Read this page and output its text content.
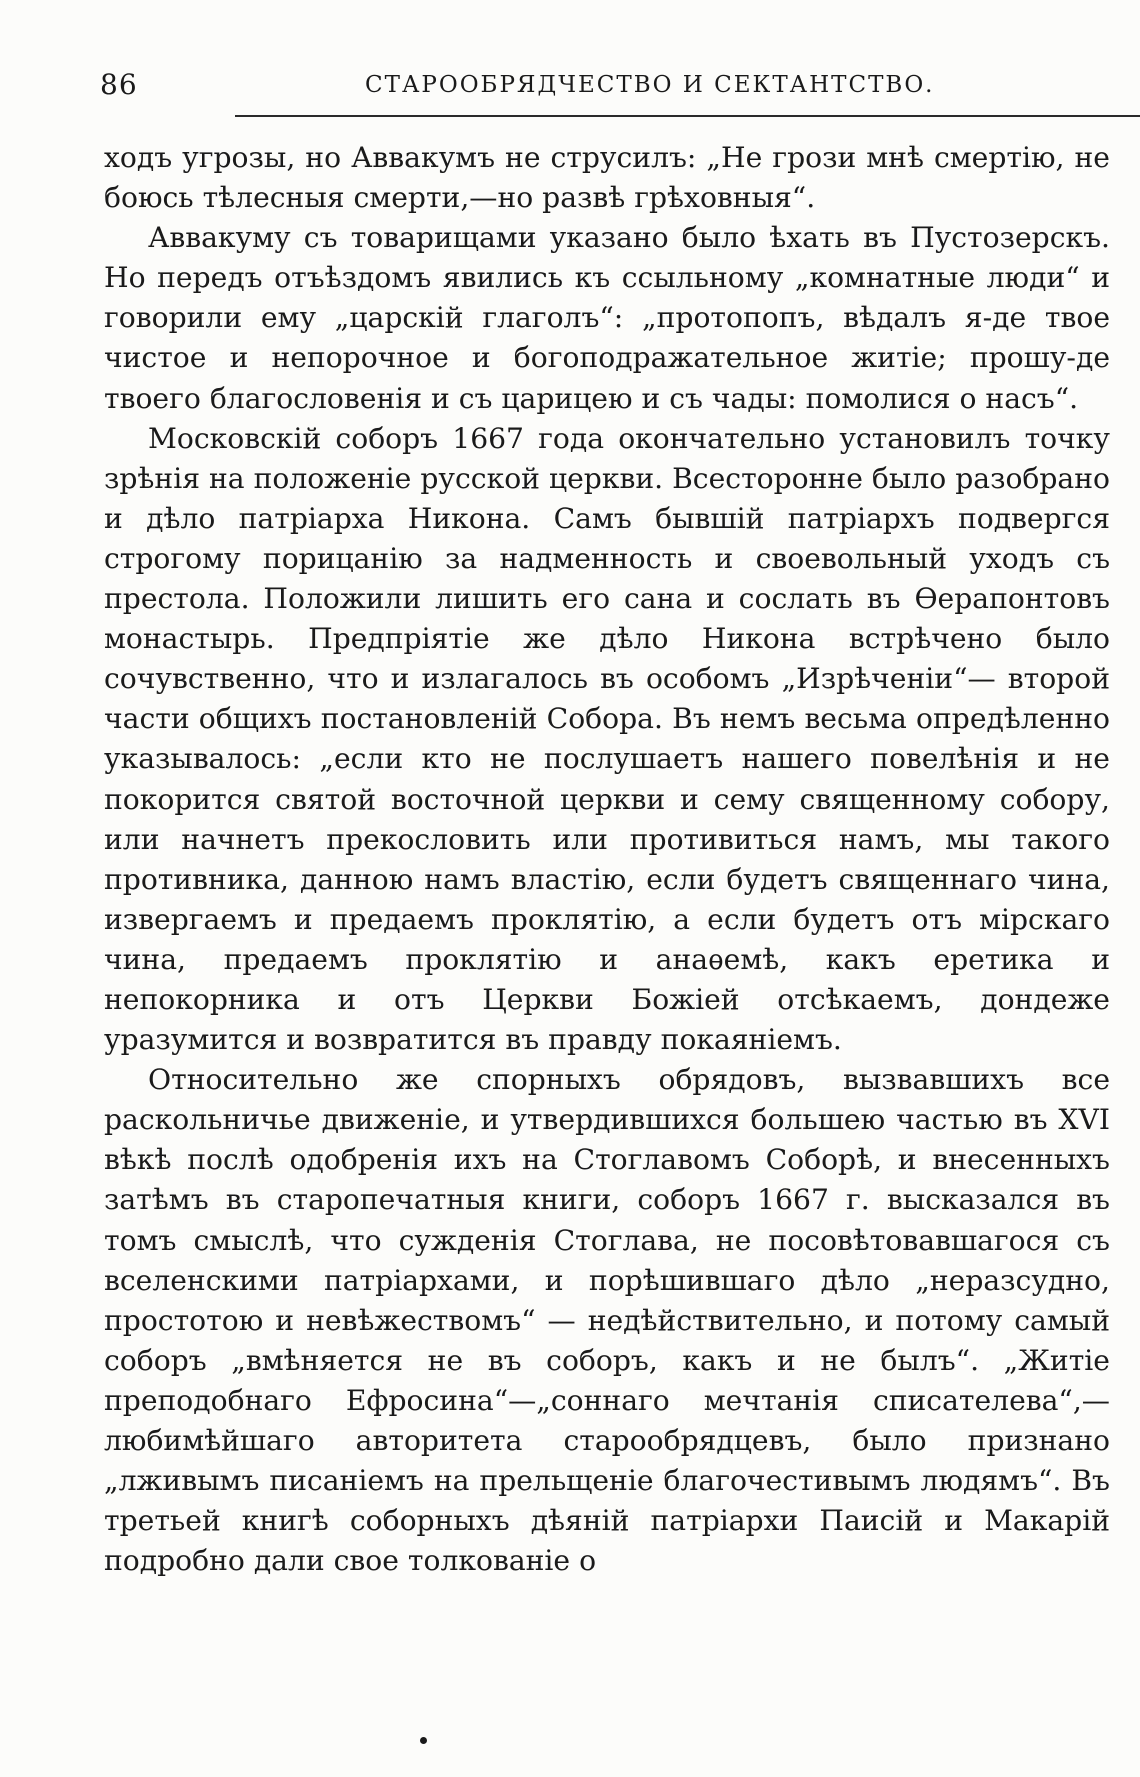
86	СТАРООБРЯДЧЕСТВО И СЕКТАНТСТВО.

ходъ угрозы, но Аввакумъ не струсилъ: „Не грози мнѣ смертію, не боюсь тѣлесныя смерти,—но развѣ грѣховныя“.

Аввакуму съ товарищами указано было ѣхать въ Пустозерскъ. Но передъ отъѣздомъ явились къ ссыльному „комнатные люди“ и говорили ему „царскій глаголъ“: „протопопъ, вѣдалъ я-де твое чистое и непорочное и богоподражательное житіе; прошу-де твоего благословенія и съ царицею и съ чады: помолися о насъ“.

Московскій соборъ 1667 года окончательно установилъ точку зрѣнія на положеніе русской церкви. Всесторонне было разобрано и дѣло патріарха Никона. Самъ бывшій патріархъ подвергся строгому порицанію за надменность и своевольный уходъ съ престола. Положили лишить его сана и сослать въ Ѳерапонтовъ монастырь. Предпріятіе же дѣло Никона встрѣчено было сочувственно, что и излагалось въ особомъ „Изрѣченіи“— второй части общихъ постановленій Собора. Въ немъ весьма опредѣленно указывалось: „если кто не послушаетъ нашего повелѣнія и не покорится святой восточной церкви и сему священному собору, или начнетъ прекословить или противиться намъ, мы такого противника, данною намъ властію, если будетъ священнаго чина, извергаемъ и предаемъ проклятію, а если будетъ отъ мірскаго чина, предаемъ проклятію и анаѳемѣ, какъ еретика и непокорника и отъ Церкви Божіей отсѣкаемъ, дондеже уразумится и возвратится въ правду покаяніемъ.

Относительно же спорныхъ обрядовъ, вызвавшихъ все раскольничье движеніе, и утвердившихся большею частью въ XVI вѣкѣ послѣ одобренія ихъ на Стоглавомъ Соборѣ, и внесенныхъ затѣмъ въ старопечатныя книги, соборъ 1667 г. высказался въ томъ смыслѣ, что сужденія Стоглава, не посовѣтовавшагося съ вселенскими патріархами, и порѣшившаго дѣло „неразсудно, простотою и невѣжествомъ“ — недѣйствительно, и потому самый соборъ „вмѣняется не въ соборъ, какъ и не былъ“. „Житіе преподобнаго Ефросина“—„соннаго мечтанія списателева“,—любимѣйшаго авторитета старообрядцевъ, было признано „лживымъ писаніемъ на прельщеніе благочестивымъ людямъ“. Въ третьей книгѣ соборныхъ дѣяній патріархи Паисій и Макарій подробно дали свое толкованіе о
